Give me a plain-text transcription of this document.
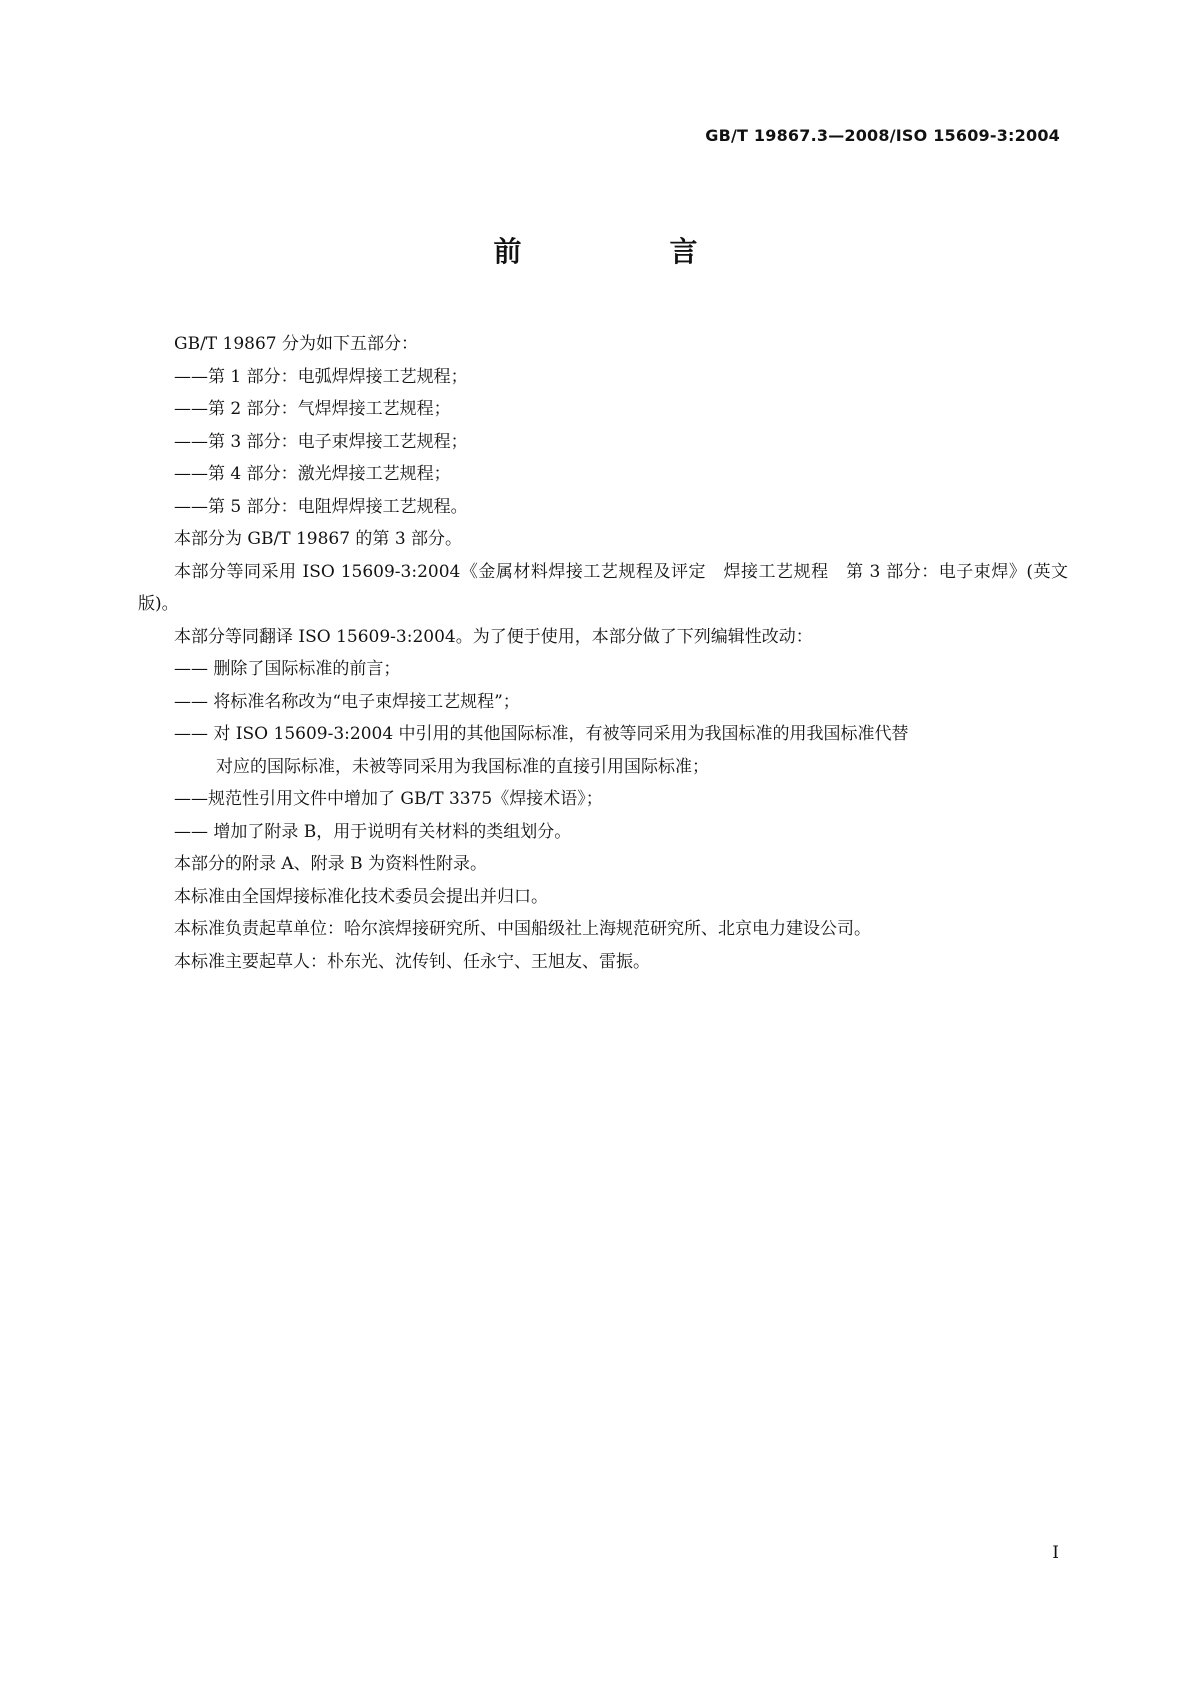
GB/T 19867.3—2008/ISO 15609-3:2004
前　言

GB/T 19867 分为如下五部分：

——第 1 部分：电弧焊焊接工艺规程；

——第 2 部分：气焊焊接工艺规程；

——第 3 部分：电子束焊接工艺规程；

——第 4 部分：激光焊接工艺规程；

——第 5 部分：电阻焊焊接工艺规程。

本部分为 GB/T 19867 的第 3 部分。

本部分等同采用 ISO 15609-3:2004《金属材料焊接工艺规程及评定　焊接工艺规程　第 3 部分：电子束焊》(英文版)。

本部分等同翻译 ISO 15609-3:2004。为了便于使用，本部分做了下列编辑性改动：

—— 删除了国际标准的前言；

—— 将标准名称改为“电子束焊接工艺规程”；

—— 对 ISO 15609-3:2004 中引用的其他国际标准，有被等同采用为我国标准的用我国标准代替

对应的国际标准，未被等同采用为我国标准的直接引用国际标准；

——规范性引用文件中增加了 GB/T 3375《焊接术语》；

—— 增加了附录 B，用于说明有关材料的类组划分。

本部分的附录 A、附录 B 为资料性附录。

本标准由全国焊接标准化技术委员会提出并归口。

本标准负责起草单位：哈尔滨焊接研究所、中国船级社上海规范研究所、北京电力建设公司。

本标准主要起草人：朴东光、沈传钊、任永宁、王旭友、雷振。

I
